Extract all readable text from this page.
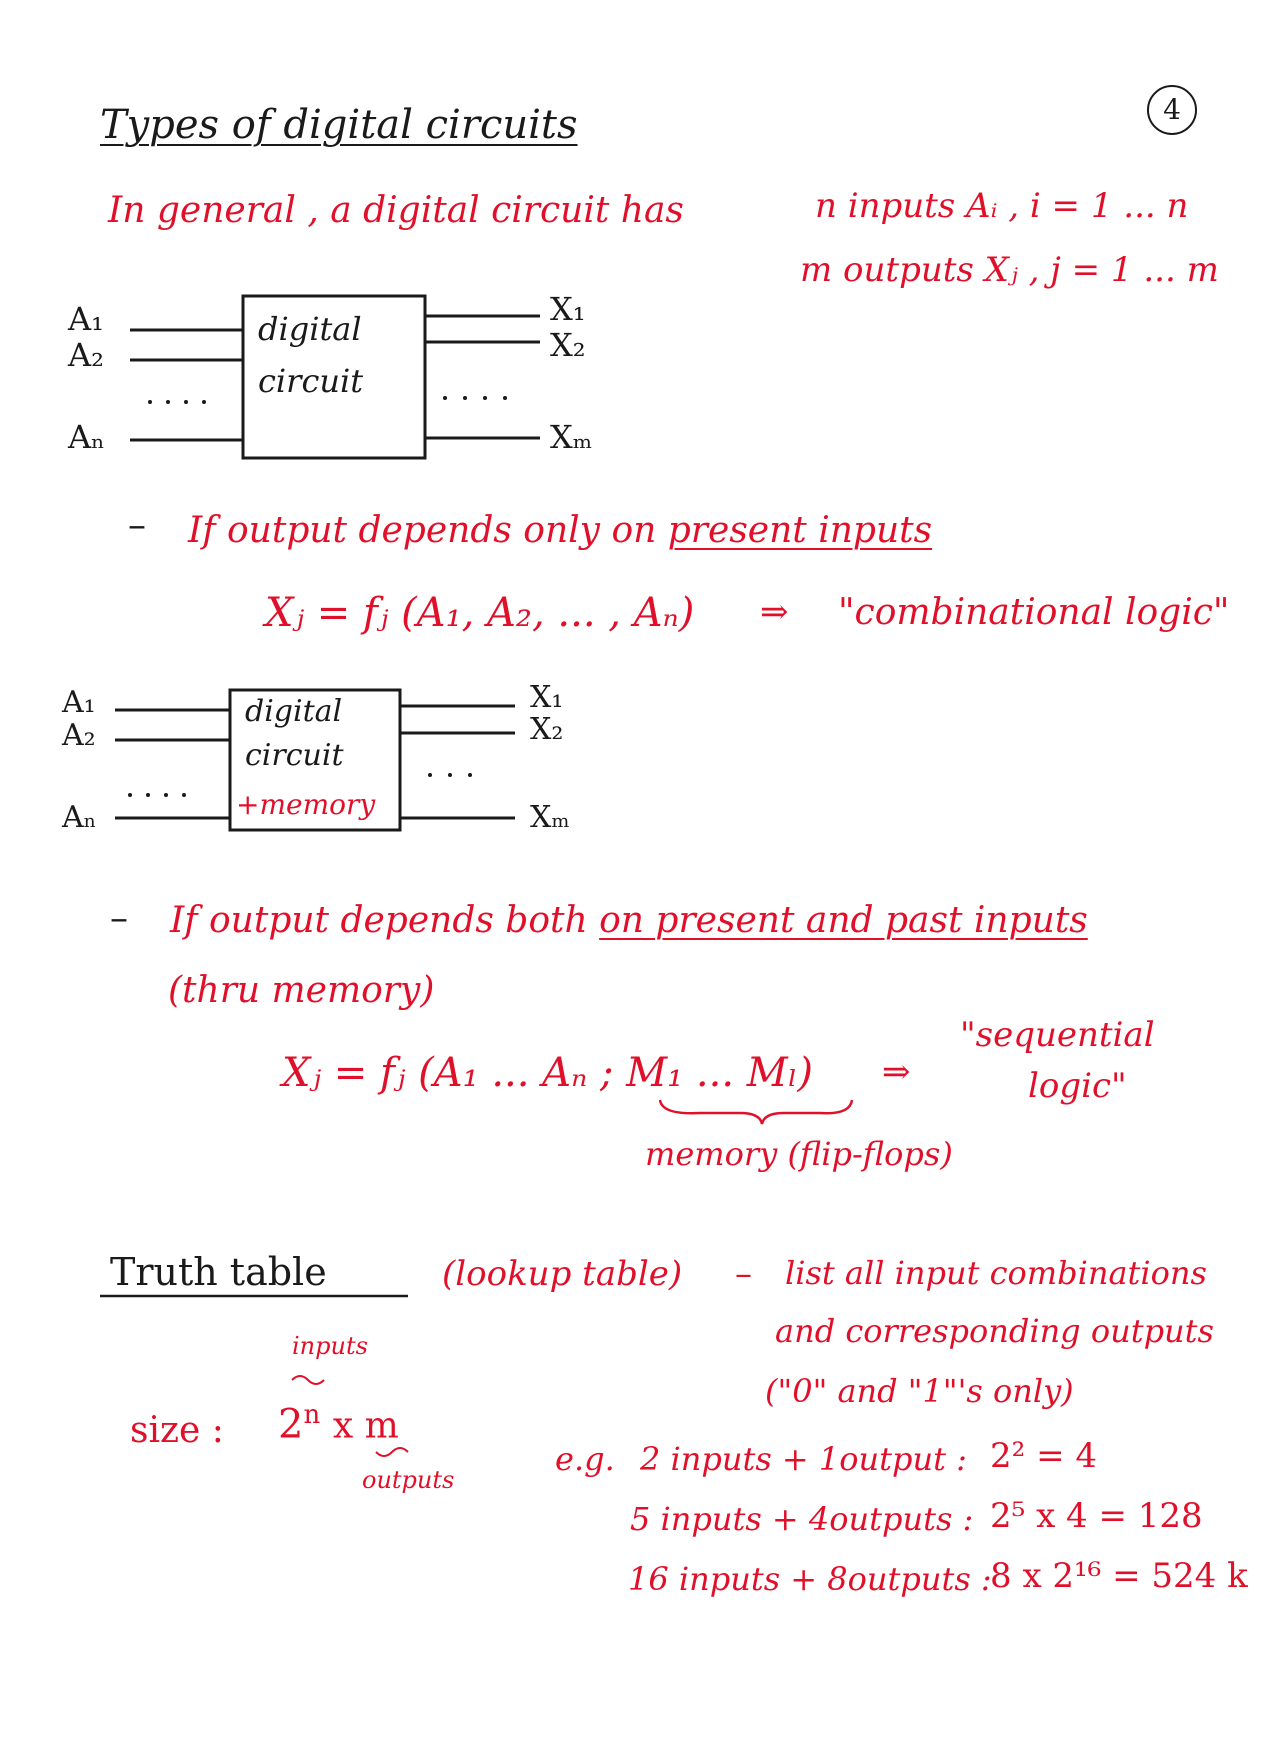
4
Types of digital circuits
In general , a digital circuit has	n inputs Aᵢ , i = 1 ... n
m outputs Xⱼ , j = 1 ... m
A₁
A₂
Aₙ
X₁
X₂
Xₘ
digital
circuit
– If output depends only on present inputs
Xⱼ = fⱼ (A₁, A₂, ... , Aₙ) ⇒ "combinational logic"
A₁
A₂
Aₙ
X₁
X₂
Xₘ
digital
circuit
+memory
– If output depends both on present and past inputs
(thru memory)
Xⱼ = fⱼ (A₁ ... Aₙ ; M₁ ... Mₗ) ⇒
"sequential
logic"
memory (flip-flops)
Truth table	(lookup table) – list all input combinations
and corresponding outputs
("0" and "1"'s only)
inputs
size : 2$^n$ x m
outputs
e.g. 2 inputs + 1output : 2² = 4
5 inputs + 4outputs : 2⁵ x 4 = 128
16 inputs + 8outputs :
8 x 2¹⁶ = 524 k
